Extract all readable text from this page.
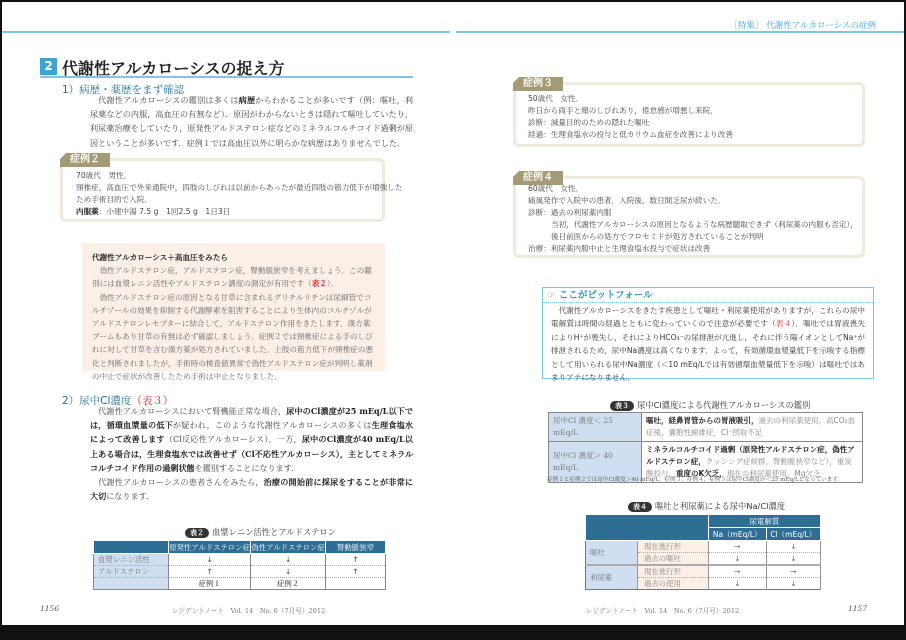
［特集］ 代謝性アルカローシスの症例
2 代謝性アルカローシスの捉え方
1）病歴・薬歴をまず確認
代謝性アルカローシスの鑑別は多くは病歴からわかることが多いです（例：嘔吐，利尿薬などの内服，高血圧の有無など）．原因がわからないときは隠れて嘔吐していたり，利尿薬治療をしていたり，原発性アルドステロン症などのミネラルコルチコイド過剰が原因ということが多いです．症例１では高血圧以外に明らかな病歴はありませんでした．
症例２
70歳代　男性．
頸椎症，高血圧で外来通院中，四肢のしびれは以前からあったが最近四肢の筋力低下が増強した
ため手術目的で入院．
内服薬：小建中湯 7.5 g　1回2.5 g　1日3日
代謝性アルカローシス＋高血圧をみたら
偽性アルドステロン症，アルドステロン症，腎動脈狭窄を考えましょう．この鑑別には血漿レニン活性やアルドステロン濃度の測定が有用です（表２）．
偽性アルドステロン症の原因となる甘草に含まれるグリチルリチンは尿細管でコルチゾールの効果を抑制する代謝酵素を阻害することにより生体内のコルチゾルがアルドステロンレセプターに結合して，アルドステロン作用をきたします．漢方薬ブームもあり甘草の有無は必ず確認しましょう．症例２では頸椎症による手のしびれに対して甘草を含む漢方薬が処方されていました．上肢の筋力低下が頸椎症の悪化と判断されましたが，手術時の検査値異常で偽性アルドステロン症が判明し薬剤の中止で症状が改善したため手術は中止となりました．
2）尿中Cl濃度（表３）
代謝性アルカローシスにおいて腎機能正常な場合，尿中のCl濃度が25 mEq/L以下では，循環血漿量の低下が疑われ，このような代謝性アルカローシスの多くは生理食塩水によって改善します（Cl反応性アルカローシス）．一方，尿中のCl濃度が40 mEq/L以上ある場合は，生理食塩水では改善せず（Cl不応性アルカローシス），主としてミネラルコルチコイド作用の過剰状態を鑑別することになります．
代謝性アルカローシスの患者さんをみたら，治療の開始前に採尿をすることが非常に大切になります．
表２ 血漿レニン活性とアルドステロン
	原発性アルドステロン症	偽性アルドステロン症	腎動脈狭窄
血漿レニン活性	↓	↓	↑
アルドステロン	↑	↓	↑
	症例１	症例２	
1156	レジデントノート　Vol. 14　No. 6（7月号）2012
症例３
50歳代　女性．
昨日から両手と顔のしびれあり，倦怠感が増悪し来院．
診断：減量目的のための隠れた嘔吐
経過：生理食塩水の投与と低カリウム血症を改善により改善
症例４
60歳代　女性．
痛風発作で入院中の患者．入院後，数日間乏尿が続いた．
診断：過去の利尿薬内服
当初，代謝性アルカローシスの原因となるような病歴聴取できず（利尿薬の内服も否定），
後日前医からの処方でフロセミドが処方されていることが判明
治療：利尿薬内服中止と生理食塩水投与で症状は改善
☞ ここがピットフォール
代謝性アルカローシスをきたす疾患として嘔吐・利尿薬使用がありますが，これらの尿中電解質は時間の経過とともに変わっていくので注意が必要です（表４）．嘔吐では胃液喪失によりH⁺が喪失し，それによりHCO₃⁻の尿排泄が亢進し，それに伴う陽イオンとしてNa⁺が排泄されるため，尿中Na濃度は高くなります．よって，有効循環血漿量低下を示唆する指標として用いられる尿中Na濃度（＜10 mEq/Lでは有効循環血漿量低下を示唆）は嘔吐ではあまりアテになりません．
表３ 尿中Cl濃度による代謝性アルカローシスの鑑別
尿中Cl 濃度＜ 25 mEq/L	嘔吐，経鼻胃管からの胃液吸引，過去の利尿薬使用，高CO₂血症後，嚢胞性線維症，Cl⁻摂取不足
尿中Cl 濃度＞ 40 mEq/L	ミネラルコルチコイド過剰（原発性アルドステロン症，偽性アルドステロン症，クッシング症候群，腎動脈狭窄など），重炭酸投与，重度のK欠乏，現在の利尿薬使用，Mg欠乏
症例１と症例２では尿中Cl濃度＞40 mEq/L，症例３，症例４，症例５は尿中Cl濃度が＜25 mEq/Lとなっています．
表４ 嘔吐と利尿薬による尿中Na/Cl濃度
		尿電解質	
		Na（mEq/L）	Cl（mEq/L）
嘔吐	現在進行形	→	↓
	過去の嘔吐	↓	↓
利尿薬	現在進行形	→	→
	過去の使用	↓	↓
レジデントノート　Vol. 14　No. 6（7月号）2012	1157
